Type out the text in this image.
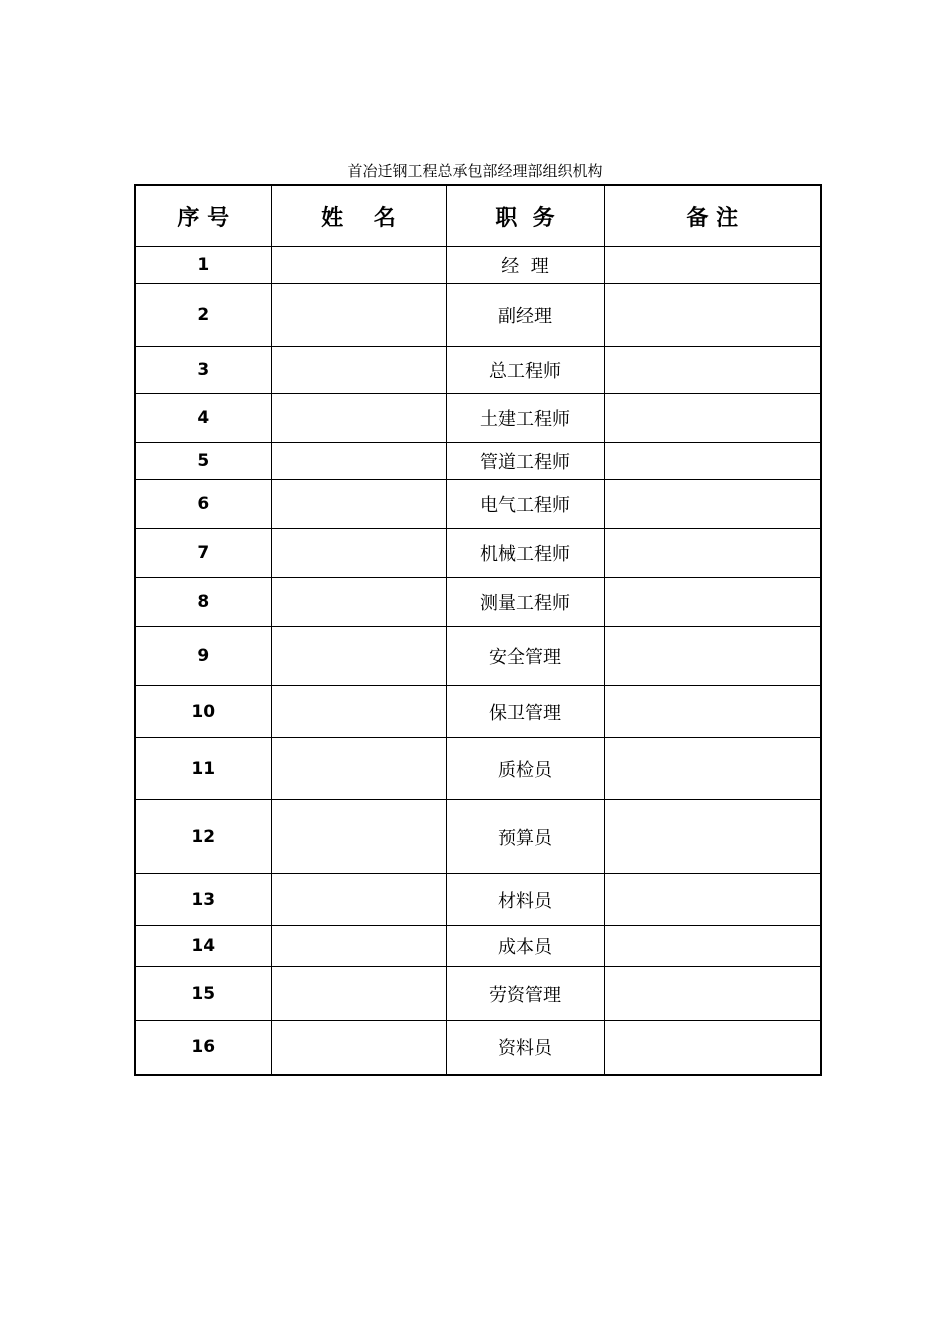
首冶迁钢工程总承包部经理部组织机构
序 号	姓    名	职  务	备 注
1		经  理	
2		副经理	
3		总工程师	
4		土建工程师	
5		管道工程师	
6		电气工程师	
7		机械工程师	
8		测量工程师	
9		安全管理	
10		保卫管理	
11		质检员	
12		预算员	
13		材料员	
14		成本员	
15		劳资管理	
16		资料员	
